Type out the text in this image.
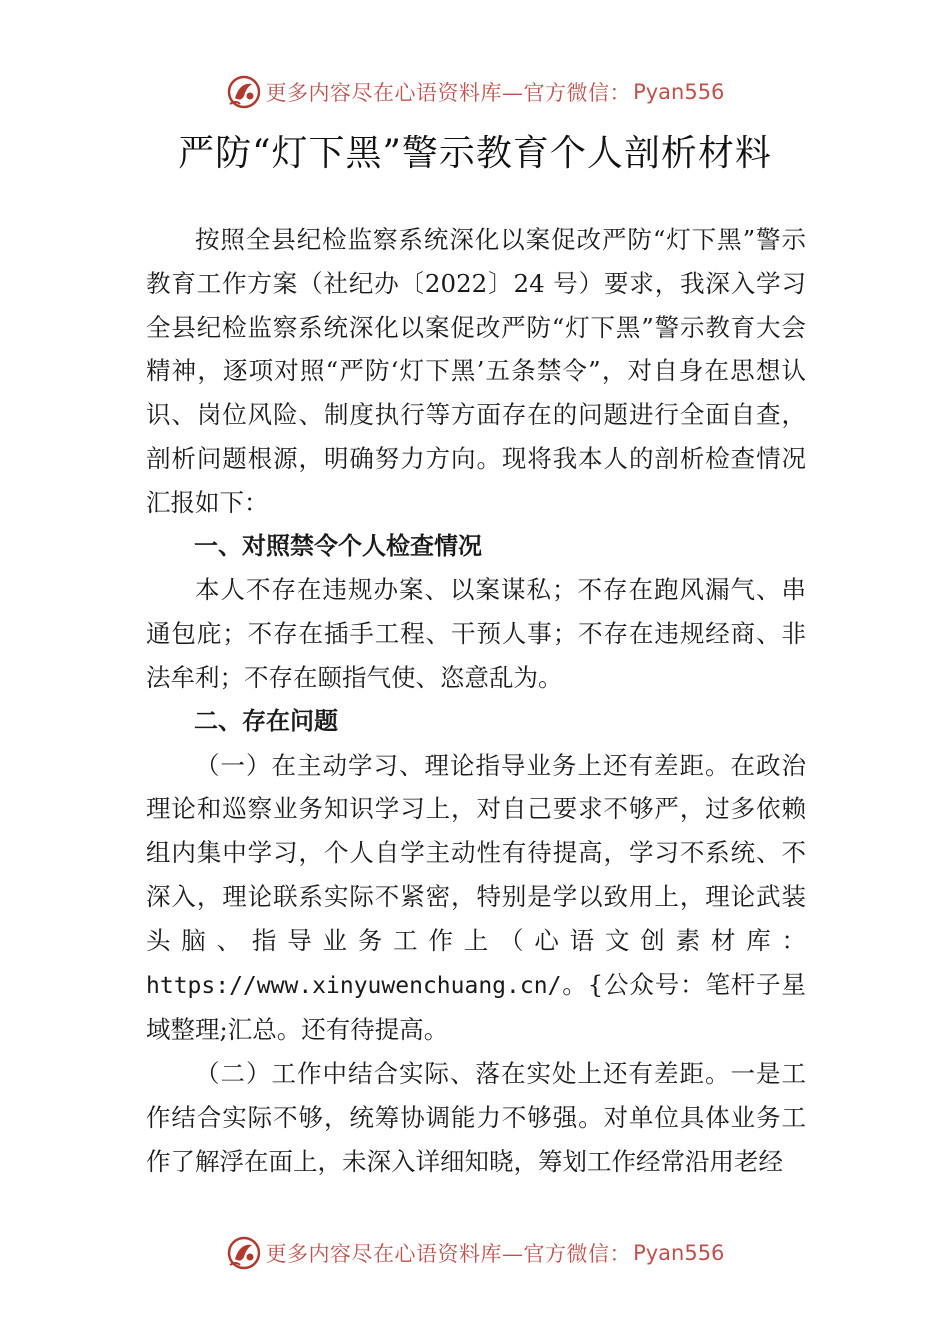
更多内容尽在心语资料库—官方微信： Pyan556
严防“灯下黑”警示教育个人剖析材料

按照全县纪检监察系统深化以案促改严防“灯下黑”警示教育工作方案（社纪办〔2022〕24 号）要求，我深入学习全县纪检监察系统深化以案促改严防“灯下黑”警示教育大会精神，逐项对照“严防‘灯下黑’五条禁令”，对自身在思想认识、岗位风险、制度执行等方面存在的问题进行全面自查，剖析问题根源，明确努力方向。现将我本人的剖析检查情况汇报如下：

一、对照禁令个人检查情况

本人不存在违规办案、以案谋私；不存在跑风漏气、串通包庇；不存在插手工程、干预人事；不存在违规经商、非法牟利；不存在颐指气使、恣意乱为。

二、存在问题

（一）在主动学习、理论指导业务上还有差距。在政治理论和巡察业务知识学习上，对自己要求不够严，过多依赖组内集中学习，个人自学主动性有待提高，学习不系统、不深入，理论联系实际不紧密，特别是学以致用上，理论武装头脑、指导业务工作上（心语文创素材库：https://www.xinyuwenchuang.cn/。{公众号：笔杆子星域整理;汇总。还有待提高。

（二）工作中结合实际、落在实处上还有差距。一是工作结合实际不够，统筹协调能力不够强。对单位具体业务工作了解浮在面上，未深入详细知晓，筹划工作经常沿用老经

更多内容尽在心语资料库—官方微信： Pyan556
